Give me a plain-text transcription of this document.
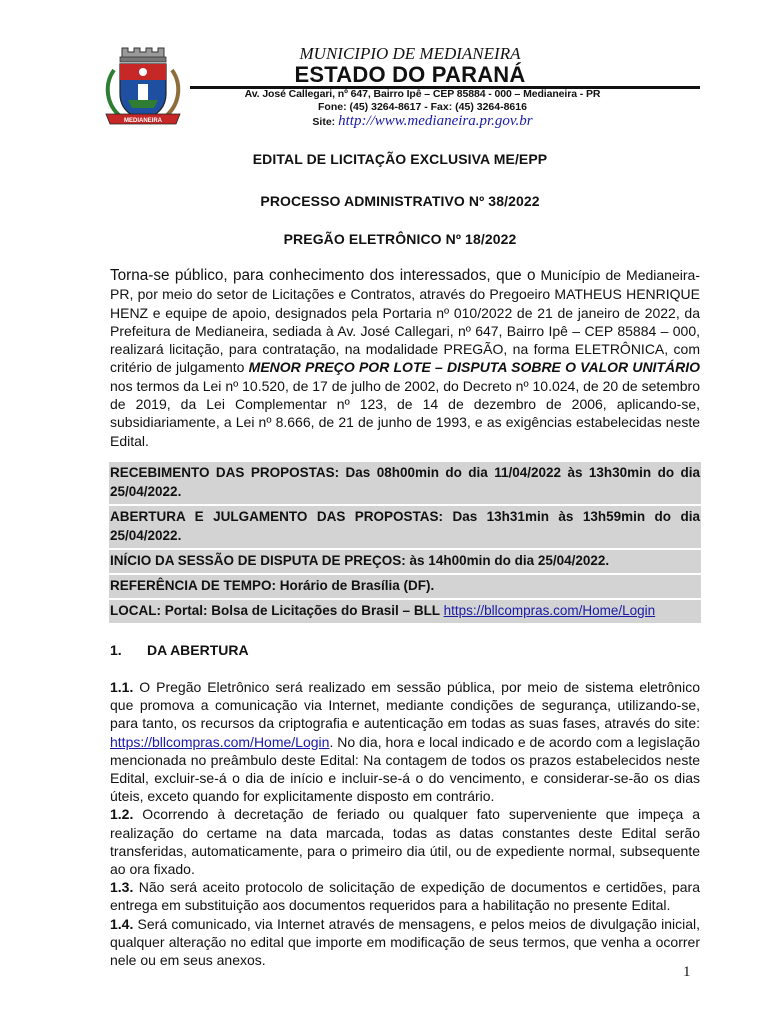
MEDIANEIRA
MUNICIPIO DE MEDIANEIRA
ESTADO DO PARANÁ
Av. José Callegari, nº 647, Bairro Ipê – CEP 85884 - 000 – Medianeira - PR
Fone: (45) 3264-8617 - Fax: (45) 3264-8616
Site: http://www.medianeira.pr.gov.br
EDITAL DE LICITAÇÃO EXCLUSIVA ME/EPP
PROCESSO ADMINISTRATIVO Nº 38/2022
PREGÃO ELETRÔNICO Nº 18/2022
Torna-se público, para conhecimento dos interessados, que o Município de Medianeira-PR, por meio do setor de Licitações e Contratos, através do Pregoeiro MATHEUS HENRIQUE HENZ e equipe de apoio, designados pela Portaria nº 010/2022 de 21 de janeiro de 2022, da Prefeitura de Medianeira, sediada à Av. José Callegari, nº 647, Bairro Ipê – CEP 85884 – 000, realizará licitação, para contratação, na modalidade PREGÃO, na forma ELETRÔNICA, com critério de julgamento MENOR PREÇO POR LOTE – DISPUTA SOBRE O VALOR UNITÁRIO nos termos da Lei nº 10.520, de 17 de julho de 2002, do Decreto nº 10.024, de 20 de setembro de 2019, da Lei Complementar nº 123, de 14 de dezembro de 2006, aplicando-se, subsidiariamente, a Lei nº 8.666, de 21 de junho de 1993, e as exigências estabelecidas neste Edital.
RECEBIMENTO DAS PROPOSTAS: Das 08h00min do dia 11/04/2022 às 13h30min do dia 25/04/2022.
ABERTURA E JULGAMENTO DAS PROPOSTAS: Das 13h31min às 13h59min do dia 25/04/2022.
INÍCIO DA SESSÃO DE DISPUTA DE PREÇOS: às 14h00min do dia 25/04/2022.
REFERÊNCIA DE TEMPO: Horário de Brasília (DF).
LOCAL: Portal: Bolsa de Licitações do Brasil – BLL https://bllcompras.com/Home/Login
1. DA ABERTURA

1.1. O Pregão Eletrônico será realizado em sessão pública, por meio de sistema eletrônico que promova a comunicação via Internet, mediante condições de segurança, utilizando-se, para tanto, os recursos da criptografia e autenticação em todas as suas fases, através do site: https://bllcompras.com/Home/Login. No dia, hora e local indicado e de acordo com a legislação mencionada no preâmbulo deste Edital: Na contagem de todos os prazos estabelecidos neste Edital, excluir-se-á o dia de início e incluir-se-á o do vencimento, e considerar-se-ão os dias úteis, exceto quando for explicitamente disposto em contrário.

1.2. Ocorrendo à decretação de feriado ou qualquer fato superveniente que impeça a realização do certame na data marcada, todas as datas constantes deste Edital serão transferidas, automaticamente, para o primeiro dia útil, ou de expediente normal, subsequente ao ora fixado.

1.3. Não será aceito protocolo de solicitação de expedição de documentos e certidões, para entrega em substituição aos documentos requeridos para a habilitação no presente Edital.

1.4. Será comunicado, via Internet através de mensagens, e pelos meios de divulgação inicial, qualquer alteração no edital que importe em modificação de seus termos, que venha a ocorrer nele ou em seus anexos.

1
